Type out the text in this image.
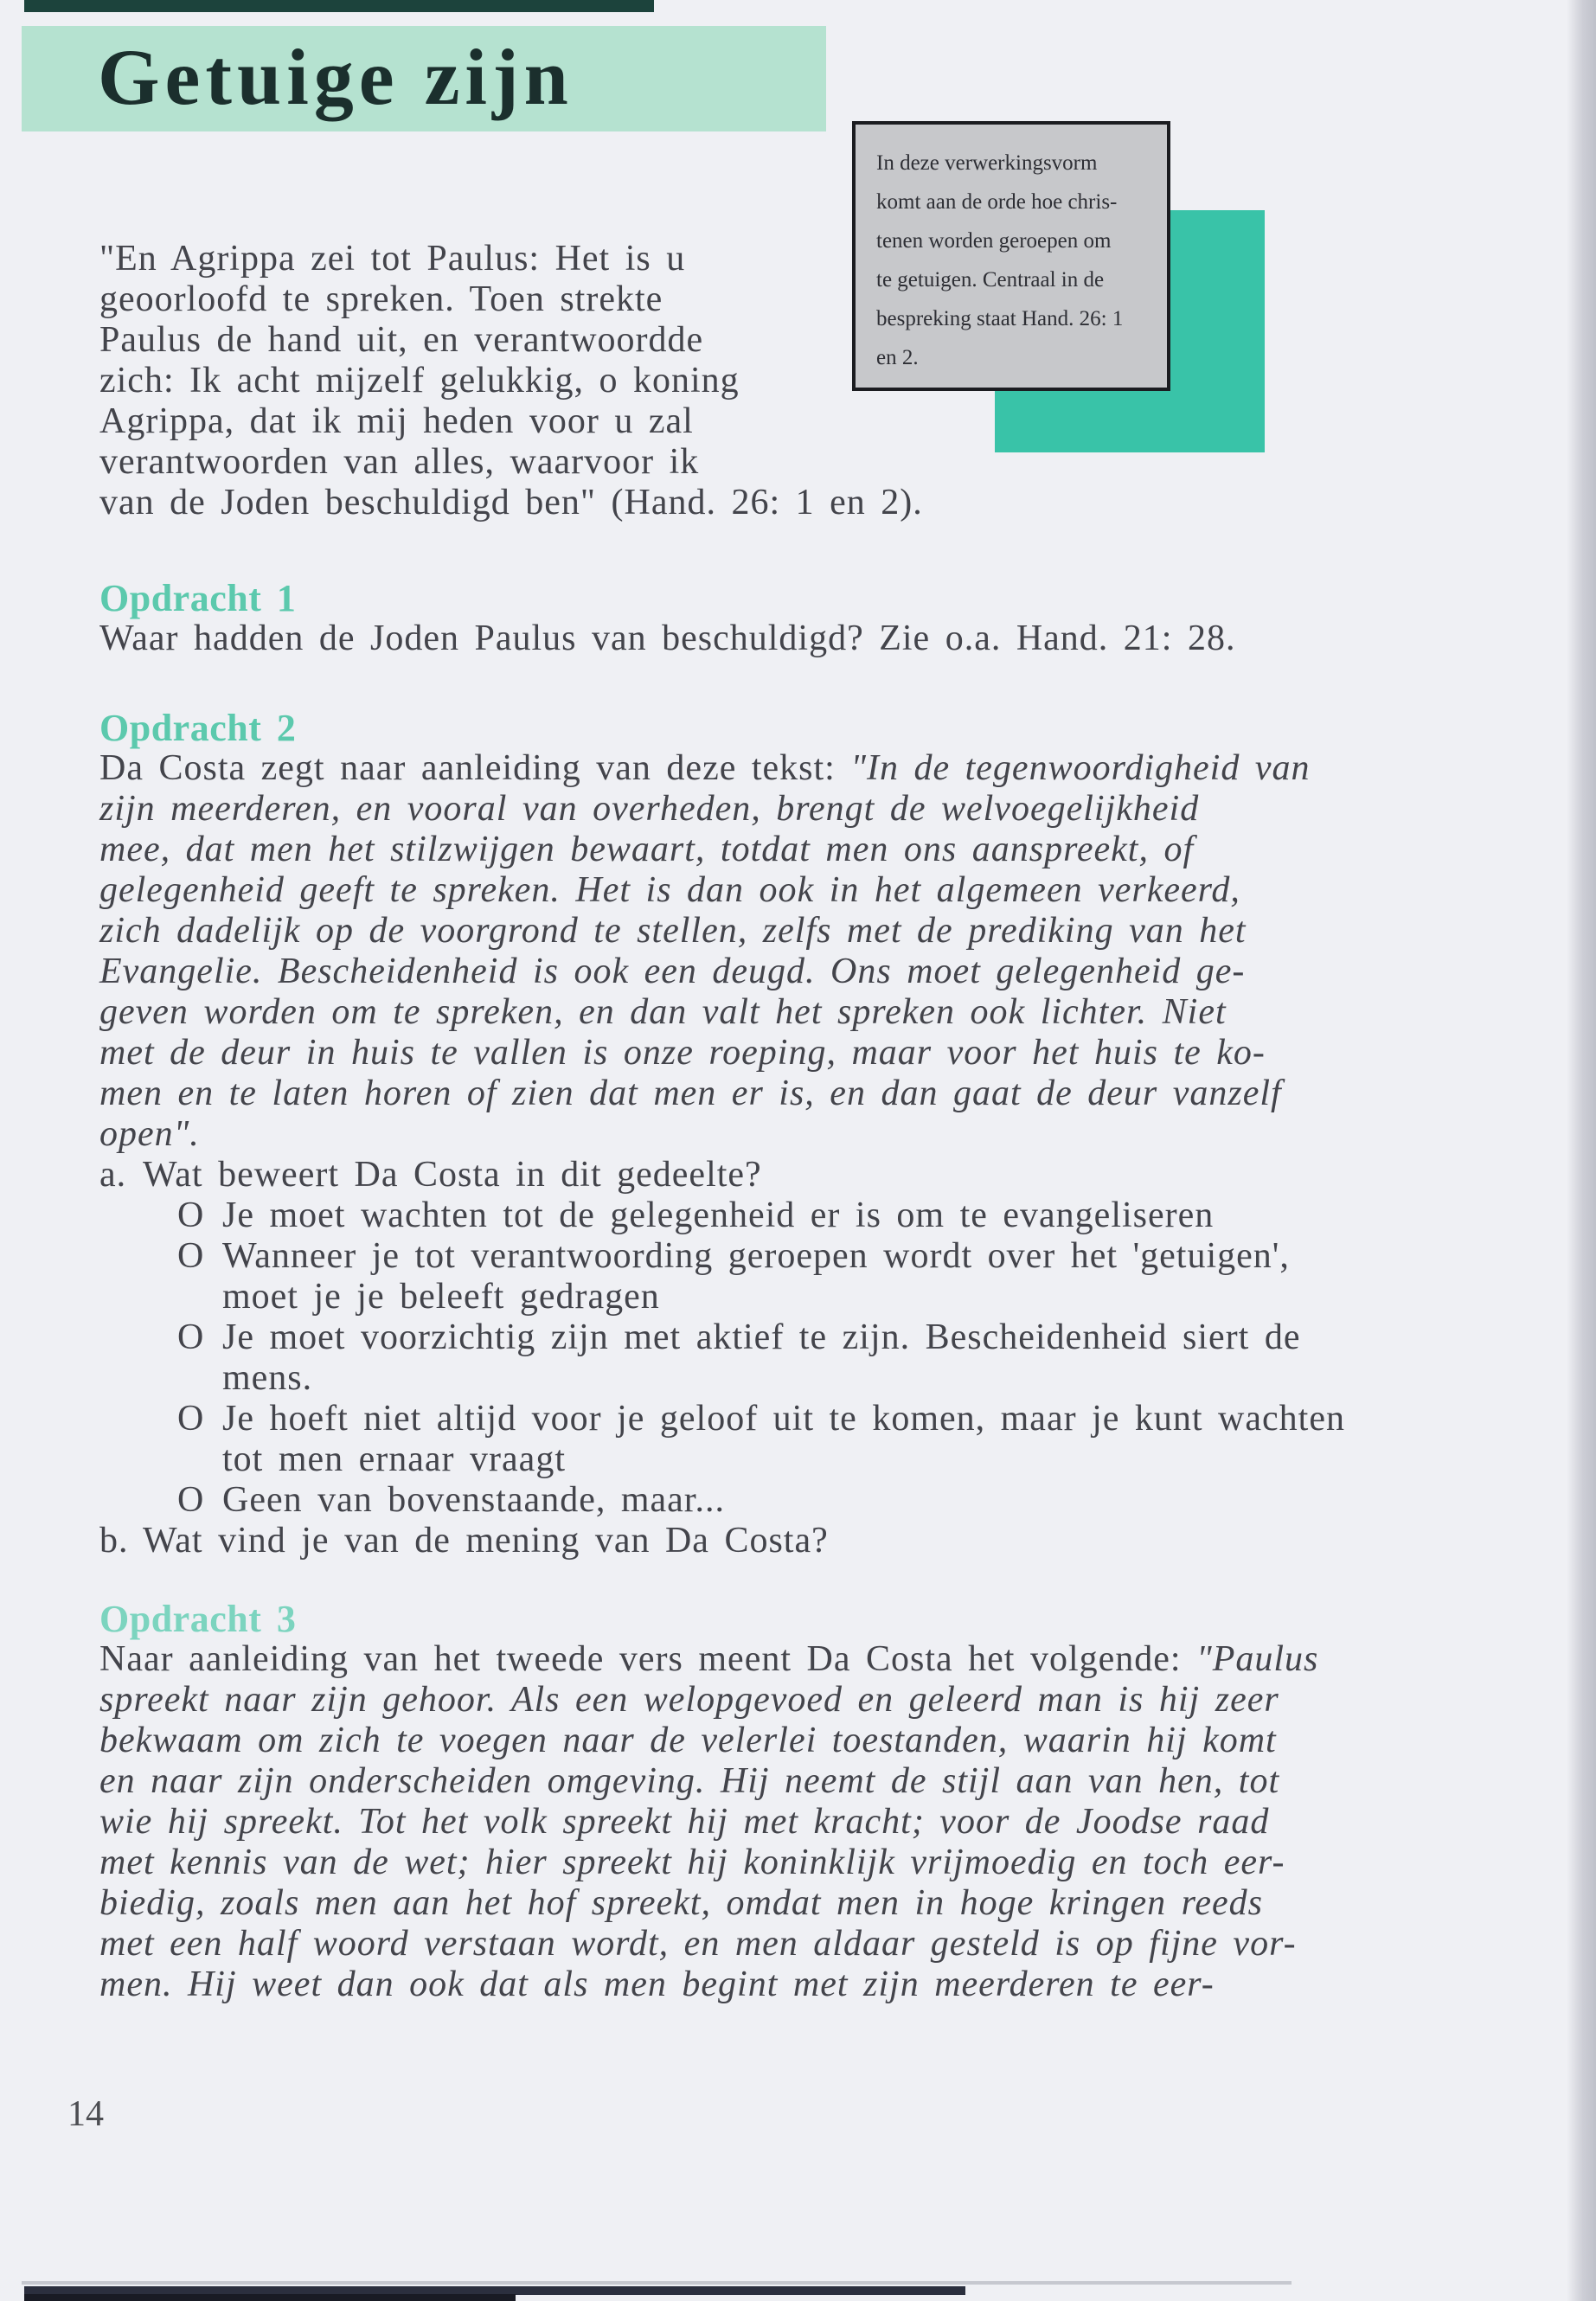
Getuige zijn
In deze verwerkingsvorm
komt aan de orde hoe chris-
tenen worden geroepen om
te getuigen. Centraal in de
bespreking staat Hand. 26: 1
en 2.
"En Agrippa zei tot Paulus: Het is u
geoorloofd te spreken. Toen strekte
Paulus de hand uit, en verantwoordde
zich: Ik acht mijzelf gelukkig, o koning
Agrippa, dat ik mij heden voor u zal
verantwoorden van alles, waarvoor ik
van de Joden beschuldigd ben" (Hand. 26: 1 en 2).
Opdracht 1
Waar hadden de Joden Paulus van beschuldigd? Zie o.a. Hand. 21: 28.
Opdracht 2
Da Costa zegt naar aanleiding van deze tekst: "In de tegenwoordigheid van
zijn meerderen, en vooral van overheden, brengt de welvoegelijkheid
mee, dat men het stilzwijgen bewaart, totdat men ons aanspreekt, of
gelegenheid geeft te spreken. Het is dan ook in het algemeen verkeerd,
zich dadelijk op de voorgrond te stellen, zelfs met de prediking van het
Evangelie. Bescheidenheid is ook een deugd. Ons moet gelegenheid ge-
geven worden om te spreken, en dan valt het spreken ook lichter. Niet
met de deur in huis te vallen is onze roeping, maar voor het huis te ko-
men en te laten horen of zien dat men er is, en dan gaat de deur vanzelf
open".
a. Wat beweert Da Costa in dit gedeelte?
O Je moet wachten tot de gelegenheid er is om te evangeliseren
O Wanneer je tot verantwoording geroepen wordt over het 'getuigen',
moet je je beleeft gedragen
O Je moet voorzichtig zijn met aktief te zijn. Bescheidenheid siert de
mens.
O Je hoeft niet altijd voor je geloof uit te komen, maar je kunt wachten
tot men ernaar vraagt
O Geen van bovenstaande, maar...
b. Wat vind je van de mening van Da Costa?
Opdracht 3
Naar aanleiding van het tweede vers meent Da Costa het volgende: "Paulus
spreekt naar zijn gehoor. Als een welopgevoed en geleerd man is hij zeer
bekwaam om zich te voegen naar de velerlei toestanden, waarin hij komt
en naar zijn onderscheiden omgeving. Hij neemt de stijl aan van hen, tot
wie hij spreekt. Tot het volk spreekt hij met kracht; voor de Joodse raad
met kennis van de wet; hier spreekt hij koninklijk vrijmoedig en toch eer-
biedig, zoals men aan het hof spreekt, omdat men in hoge kringen reeds
met een half woord verstaan wordt, en men aldaar gesteld is op fijne vor-
men. Hij weet dan ook dat als men begint met zijn meerderen te eer-
14
